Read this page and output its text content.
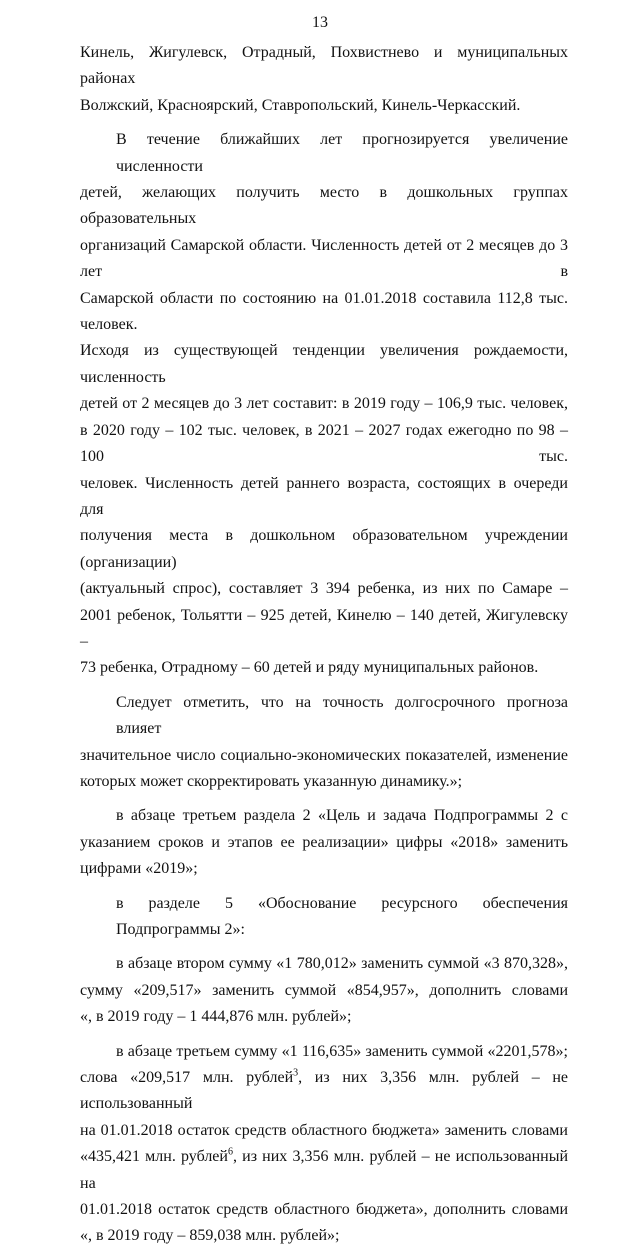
13
Кинель, Жигулевск, Отрадный, Похвистнево и муниципальных районах
Волжский, Красноярский, Ставропольский, Кинель-Черкасский.
В течение ближайших лет прогнозируется увеличение численности
детей, желающих получить место в дошкольных группах образовательных
организаций Самарской области. Численность детей от 2 месяцев до 3 лет в
Самарской области по состоянию на 01.01.2018 составила 112,8 тыс. человек.
Исходя из существующей тенденции увеличения рождаемости, численность
детей от 2 месяцев до 3 лет составит: в 2019 году – 106,9 тыс. человек,
в 2020 году – 102 тыс. человек, в 2021 – 2027 годах ежегодно по 98 – 100 тыс.
человек. Численность детей раннего возраста, состоящих в очереди для
получения места в дошкольном образовательном учреждении (организации)
(актуальный спрос), составляет 3 394 ребенка, из них по Самаре –
2001 ребенок, Тольятти – 925 детей, Кинелю – 140 детей, Жигулевску –
73 ребенка, Отрадному – 60 детей и ряду муниципальных районов.
Следует отметить, что на точность долгосрочного прогноза влияет
значительное число социально-экономических показателей, изменение
которых может скорректировать указанную динамику.»;
в абзаце третьем раздела 2 «Цель и задача Подпрограммы 2 с
указанием сроков и этапов ее реализации» цифры «2018» заменить
цифрами «2019»;
в разделе 5 «Обоснование ресурсного обеспечения Подпрограммы 2»:
в абзаце втором сумму «1 780,012» заменить суммой «3 870,328»,
сумму «209,517» заменить суммой «854,957», дополнить словами
«, в 2019 году – 1 444,876 млн. рублей»;
в абзаце третьем сумму «1 116,635» заменить суммой «2201,578»;
слова «209,517 млн. рублей$^3$, из них 3,356 млн. рублей – не использованный
на 01.01.2018 остаток средств областного бюджета» заменить словами
«435,421 млн. рублей$^6$, из них 3,356 млн. рублей – не использованный на
01.01.2018 остаток средств областного бюджета», дополнить словами
«, в 2019 году – 859,038 млн. рублей»;
